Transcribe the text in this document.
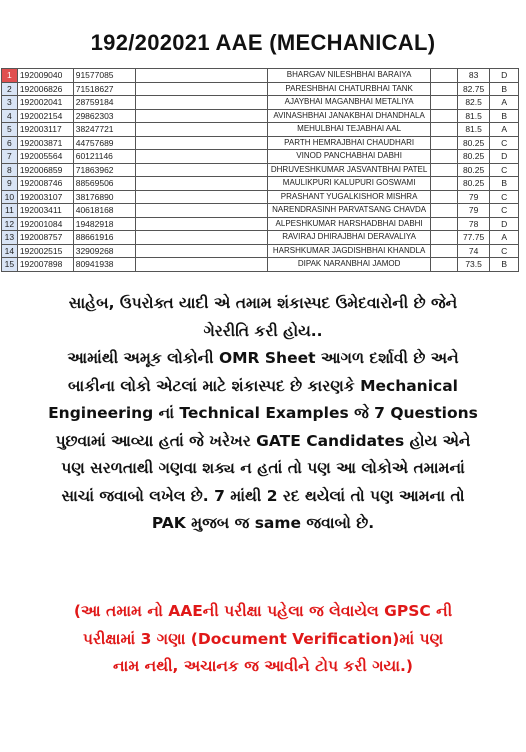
192/202021 AAE (MECHANICAL)
1	192009040	91577085		BHARGAV NILESHBHAI BARAIYA		83	D
2	192006826	71518627		PARESHBHAI CHATURBHAI TANK		82.75	B
3	192002041	28759184		AJAYBHAI MAGANBHAI METALIYA		82.5	A
4	192002154	29862303		AVINASHBHAI JANAKBHAI DHANDHALA		81.5	B
5	192003117	38247721		MEHULBHAI TEJABHAI AAL		81.5	A
6	192003871	44757689		PARTH HEMRAJBHAI CHAUDHARI		80.25	C
7	192005564	60121146		VINOD PANCHABHAI DABHI		80.25	D
8	192006859	71863962		DHRUVESHKUMAR JASVANTBHAI PATEL		80.25	C
9	192008746	88569506		MAULIKPURI KALUPURI GOSWAMI		80.25	B
10	192003107	38176890		PRASHANT YUGALKISHOR MISHRA		79	C
11	192003411	40618168		NARENDRASINH PARVATSANG CHAVDA		79	C
12	192001084	19482918		ALPESHKUMAR HARSHADBHAI DABHI		78	D
13	192008757	88661916		RAVIRAJ DHIRAJBHAI DERAVALIYA		77.75	A
14	192002515	32909268		HARSHKUMAR JAGDISHBHAI KHANDLA		74	C
15	192007898	80941938		DIPAK NARANBHAI JAMOD		73.5	B
સાહેબ, ઉપરોક્ત યાદી એ તમામ શંકાસ્પદ ઉમેદવારોની છે જેને
ગેરરીતિ કરી હોય..
આમાંથી અમૂક લોકોની OMR Sheet આગળ દર્શાવી છે અને
બાકીના લોકો એટલાં માટે શંકાસ્પદ છે કારણકે Mechanical
Engineering નાં Technical Examples જે 7 Questions
પુછવામાં આવ્યા હતાં જે ખરેખર GATE Candidates હોય એને
પણ સરળતાથી ગણવા શક્ય ન હતાં તો પણ આ લોકોએ તમામનાં
સાચાં જવાબો લખેલ છે. 7 માંથી 2 રદ થયેલાં તો પણ આમના તો
PAK મુજબ જ same જવાબો છે.
(આ તમામ નો AAEની પરીક્ષા પહેલા જ લેવાયેલ GPSC ની
પરીક્ષામાં 3 ગણા (Document Verification)માં પણ
નામ નથી, અચાનક જ આવીને ટોપ કરી ગયા.)
